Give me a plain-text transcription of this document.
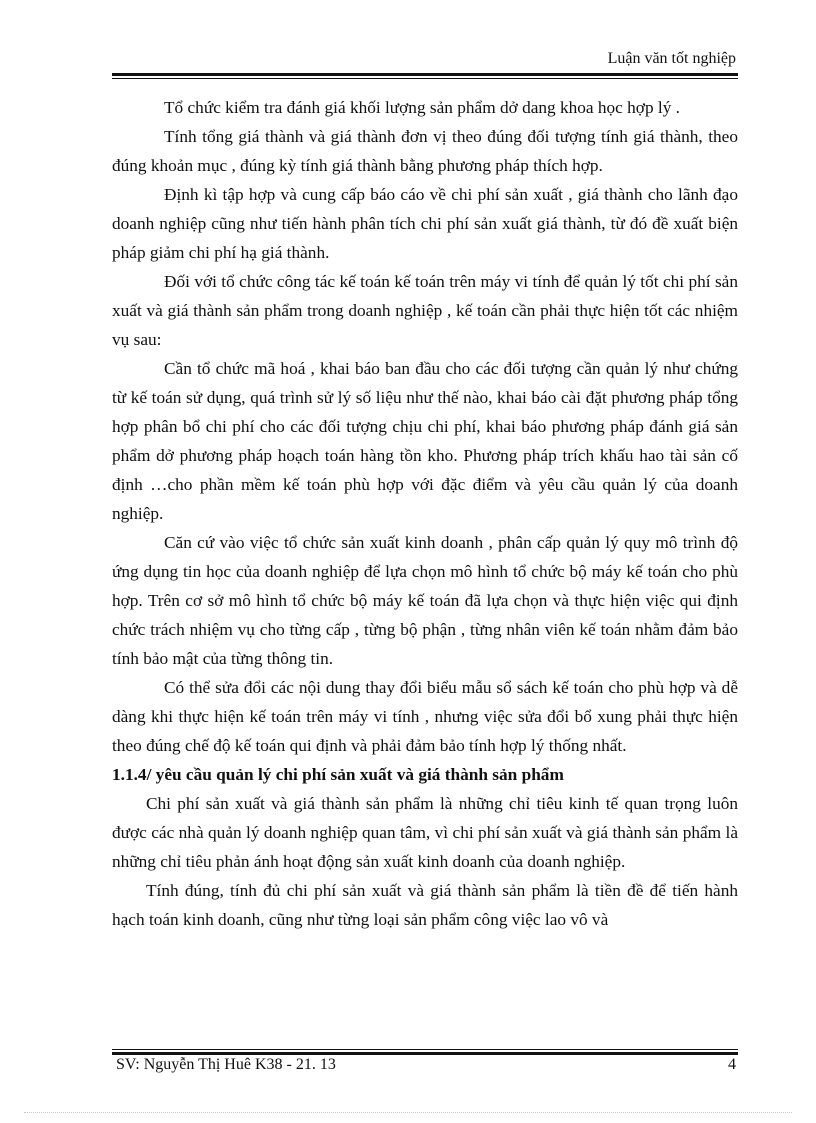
Luận văn tốt nghiệp

Tổ chức kiểm tra đánh giá khối lượng sản phẩm dở dang khoa học hợp lý .

Tính tổng giá thành và giá thành đơn vị theo đúng đối tượng tính giá thành, theo đúng khoản mục , đúng kỳ tính giá thành bằng phương pháp thích hợp.

Định kì tập hợp và cung cấp báo cáo về chi phí sản xuất , giá thành cho lãnh đạo doanh nghiệp cũng như tiến hành phân tích chi phí sản xuất giá thành, từ đó đề xuất biện pháp giảm chi phí hạ giá thành.

Đối với tổ chức công tác kế toán kế toán trên máy vi tính để quản lý tốt chi phí sản xuất và giá thành sản phẩm trong doanh nghiệp , kế toán cần phải thực hiện tốt các nhiệm vụ sau:

Cần tổ chức mã hoá , khai báo ban đầu cho các đối tượng cần quản lý như chứng từ kế toán sử dụng, quá trình sử lý số liệu như thế nào, khai báo cài đặt phương pháp tổng hợp phân bổ chi phí cho các đối tượng chịu chi phí, khai báo phương pháp đánh giá sản phẩm dở phương pháp hoạch toán hàng tồn kho. Phương pháp trích khấu hao tài sản cố định …cho phần mềm kế toán phù hợp với đặc điểm và yêu cầu quản lý của doanh nghiệp.

Căn cứ vào việc tổ chức sản xuất kinh doanh , phân cấp quản lý quy mô trình độ ứng dụng tin học của doanh nghiệp để lựa chọn mô hình tổ chức bộ máy kế toán cho phù hợp. Trên cơ sở mô hình tổ chức bộ máy kế toán đã lựa chọn và thực hiện việc qui định chức trách nhiệm vụ cho từng cấp , từng bộ phận , từng nhân viên kế toán nhằm đảm bảo tính bảo mật của từng thông tin.

Có thể sửa đổi các nội dung thay đổi biểu mẫu sổ sách kế toán cho phù hợp và dễ dàng khi thực hiện kế toán trên máy vi tính , nhưng việc sửa đổi bổ xung phải thực hiện theo đúng chế độ kế toán qui định và phải đảm bảo tính hợp lý thống nhất.

1.1.4/ yêu cầu quản lý chi phí sản xuất và giá thành sản phẩm

Chi phí sản xuất và giá thành sản phẩm là những chỉ tiêu kinh tế quan trọng luôn được các nhà quản lý doanh nghiệp quan tâm, vì chi phí sản xuất và giá thành sản phẩm là những chỉ tiêu phản ánh hoạt động sản xuất kinh doanh của doanh nghiệp.

Tính đúng, tính đủ chi phí sản xuất và giá thành sản phẩm là tiền đề để tiến hành hạch toán kinh doanh, cũng như từng loại sản phẩm công việc lao vô và

SV: Nguyễn Thị Huê K38 - 21. 13	4
